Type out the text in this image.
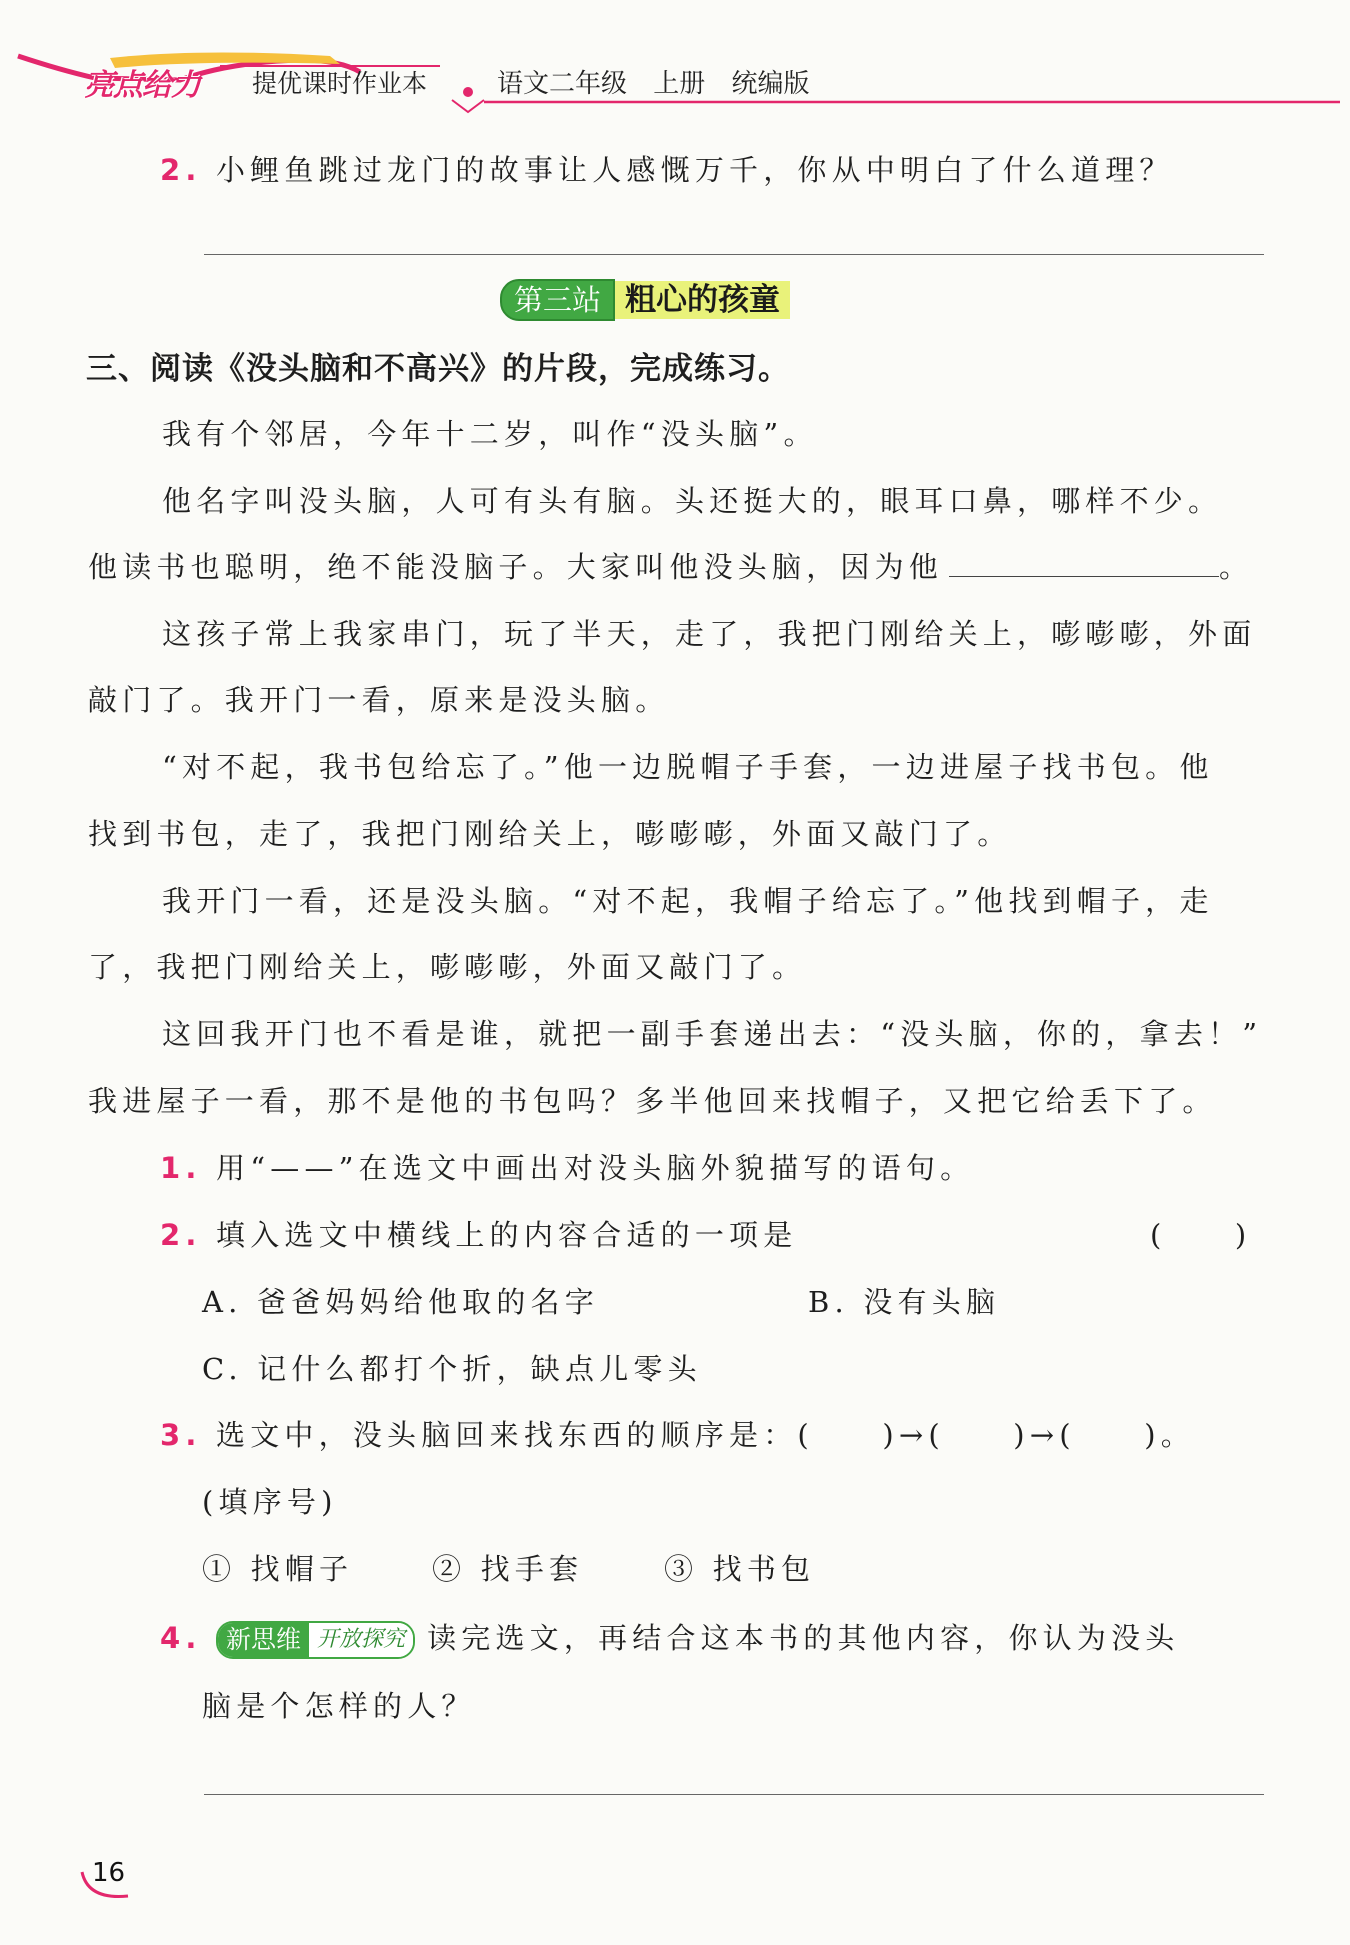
亮点给力 提优课时作业本	语文二年级 上册 统编版
2. 小鲤鱼跳过龙门的故事让人感慨万千，你从中明白了什么道理？
第三站 粗心的孩童
三、阅读《没头脑和不高兴》的片段，完成练习。
我有个邻居，今年十二岁，叫作“没头脑”。
他名字叫没头脑，人可有头有脑。头还挺大的，眼耳口鼻，哪样不少。
他读书也聪明，绝不能没脑子。大家叫他没头脑，因为他	。
这孩子常上我家串门，玩了半天，走了，我把门刚给关上，嘭嘭嘭，外面
敲门了。我开门一看，原来是没头脑。
“对不起，我书包给忘了。”他一边脱帽子手套，一边进屋子找书包。他
找到书包，走了，我把门刚给关上，嘭嘭嘭，外面又敲门了。
我开门一看，还是没头脑。“对不起，我帽子给忘了。”他找到帽子，走
了，我把门刚给关上，嘭嘭嘭，外面又敲门了。
这回我开门也不看是谁，就把一副手套递出去：“没头脑，你的，拿去！”
我进屋子一看，那不是他的书包吗？多半他回来找帽子，又把它给丢下了。
1. 用“——”在选文中画出对没头脑外貌描写的语句。
2. 填入选文中横线上的内容合适的一项是	(　　)
A. 爸爸妈妈给他取的名字	B. 没有头脑
C. 记什么都打个折，缺点儿零头
3. 选文中，没头脑回来找东西的顺序是：(　　)→(　　)→(　　)。
(填序号)
① 找帽子	② 找手套	③ 找书包
4. 新思维 开放探究 读完选文，再结合这本书的其他内容，你认为没头
脑是个怎样的人？
16
